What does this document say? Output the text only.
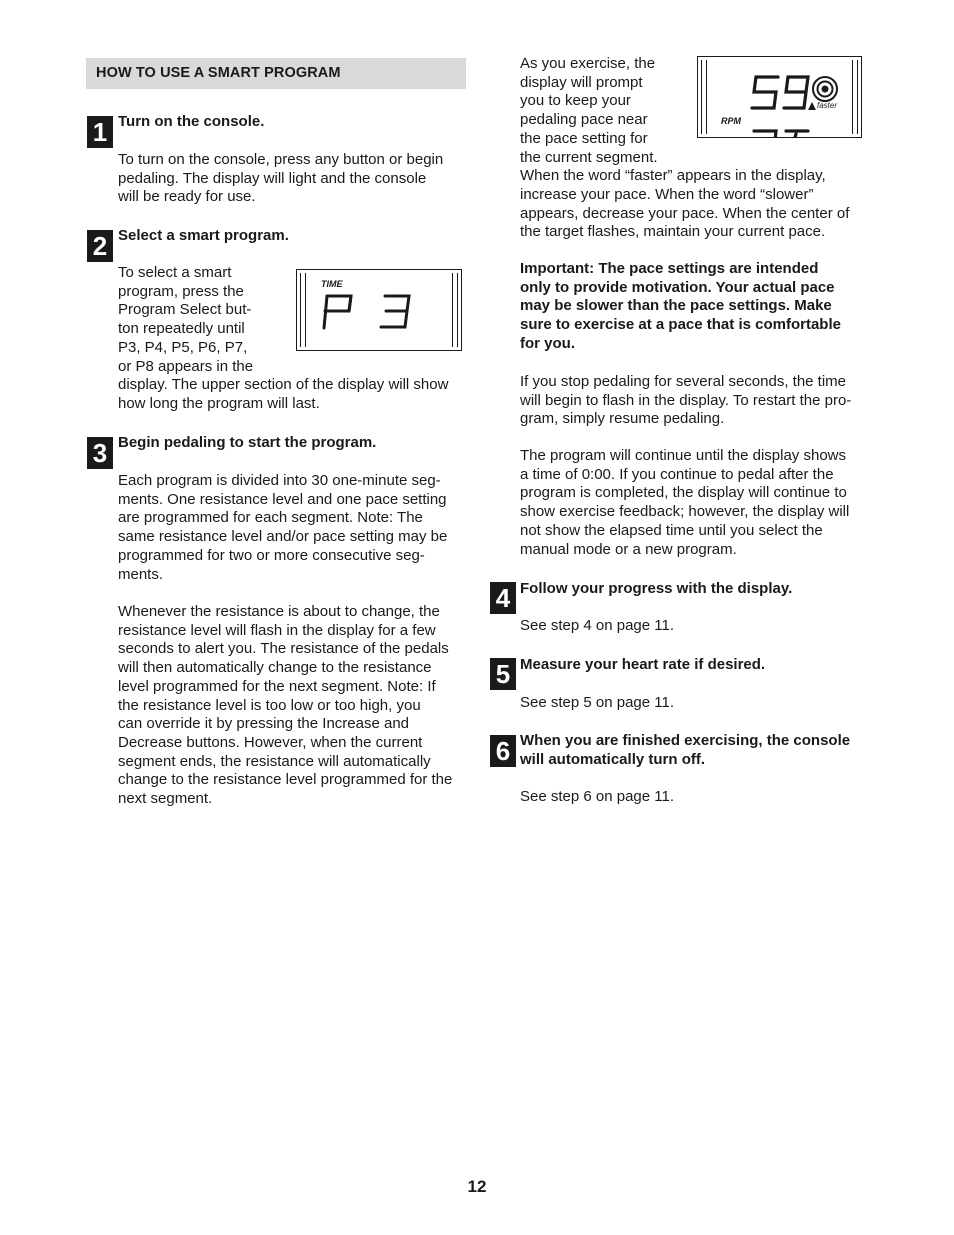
HOW TO USE A SMART PROGRAM
1 Turn on the console.
To turn on the console, press any button or begin
pedaling. The display will light and the console
will be ready for use.
2 Select a smart program.
To select a smart
program, press the
Program Select but-
ton repeatedly until
P3, P4, P5, P6, P7,
or P8 appears in the
display. The upper section of the display will show
how long the program will last.
TIME
3 Begin pedaling to start the program.
Each program is divided into 30 one-minute seg-
ments. One resistance level and one pace setting
are programmed for each segment. Note: The
same resistance level and/or pace setting may be
programmed for two or more consecutive seg-
ments.
Whenever the resistance is about to change, the
resistance level will flash in the display for a few
seconds to alert you. The resistance of the pedals
will then automatically change to the resistance
level programmed for the next segment. Note: If
the resistance level is too low or too high, you
can override it by pressing the Increase and
Decrease buttons. However, when the current
segment ends, the resistance will automatically
change to the resistance level programmed for the
next segment.
As you exercise, the
display will prompt
you to keep your
pedaling pace near
the pace setting for
the current segment.
When the word “faster” appears in the display,
increase your pace. When the word “slower”
appears, decrease your pace. When the center of
the target flashes, maintain your current pace.
RPM
faster
Important: The pace settings are intended
only to provide motivation. Your actual pace
may be slower than the pace settings. Make
sure to exercise at a pace that is comfortable
for you.
If you stop pedaling for several seconds, the time
will begin to flash in the display. To restart the pro-
gram, simply resume pedaling.
The program will continue until the display shows
a time of 0:00. If you continue to pedal after the
program is completed, the display will continue to
show exercise feedback; however, the display will
not show the elapsed time until you select the
manual mode or a new program.
4 Follow your progress with the display.
See step 4 on page 11.
5 Measure your heart rate if desired.
See step 5 on page 11.
6 When you are finished exercising, the console
will automatically turn off.
See step 6 on page 11.
12
